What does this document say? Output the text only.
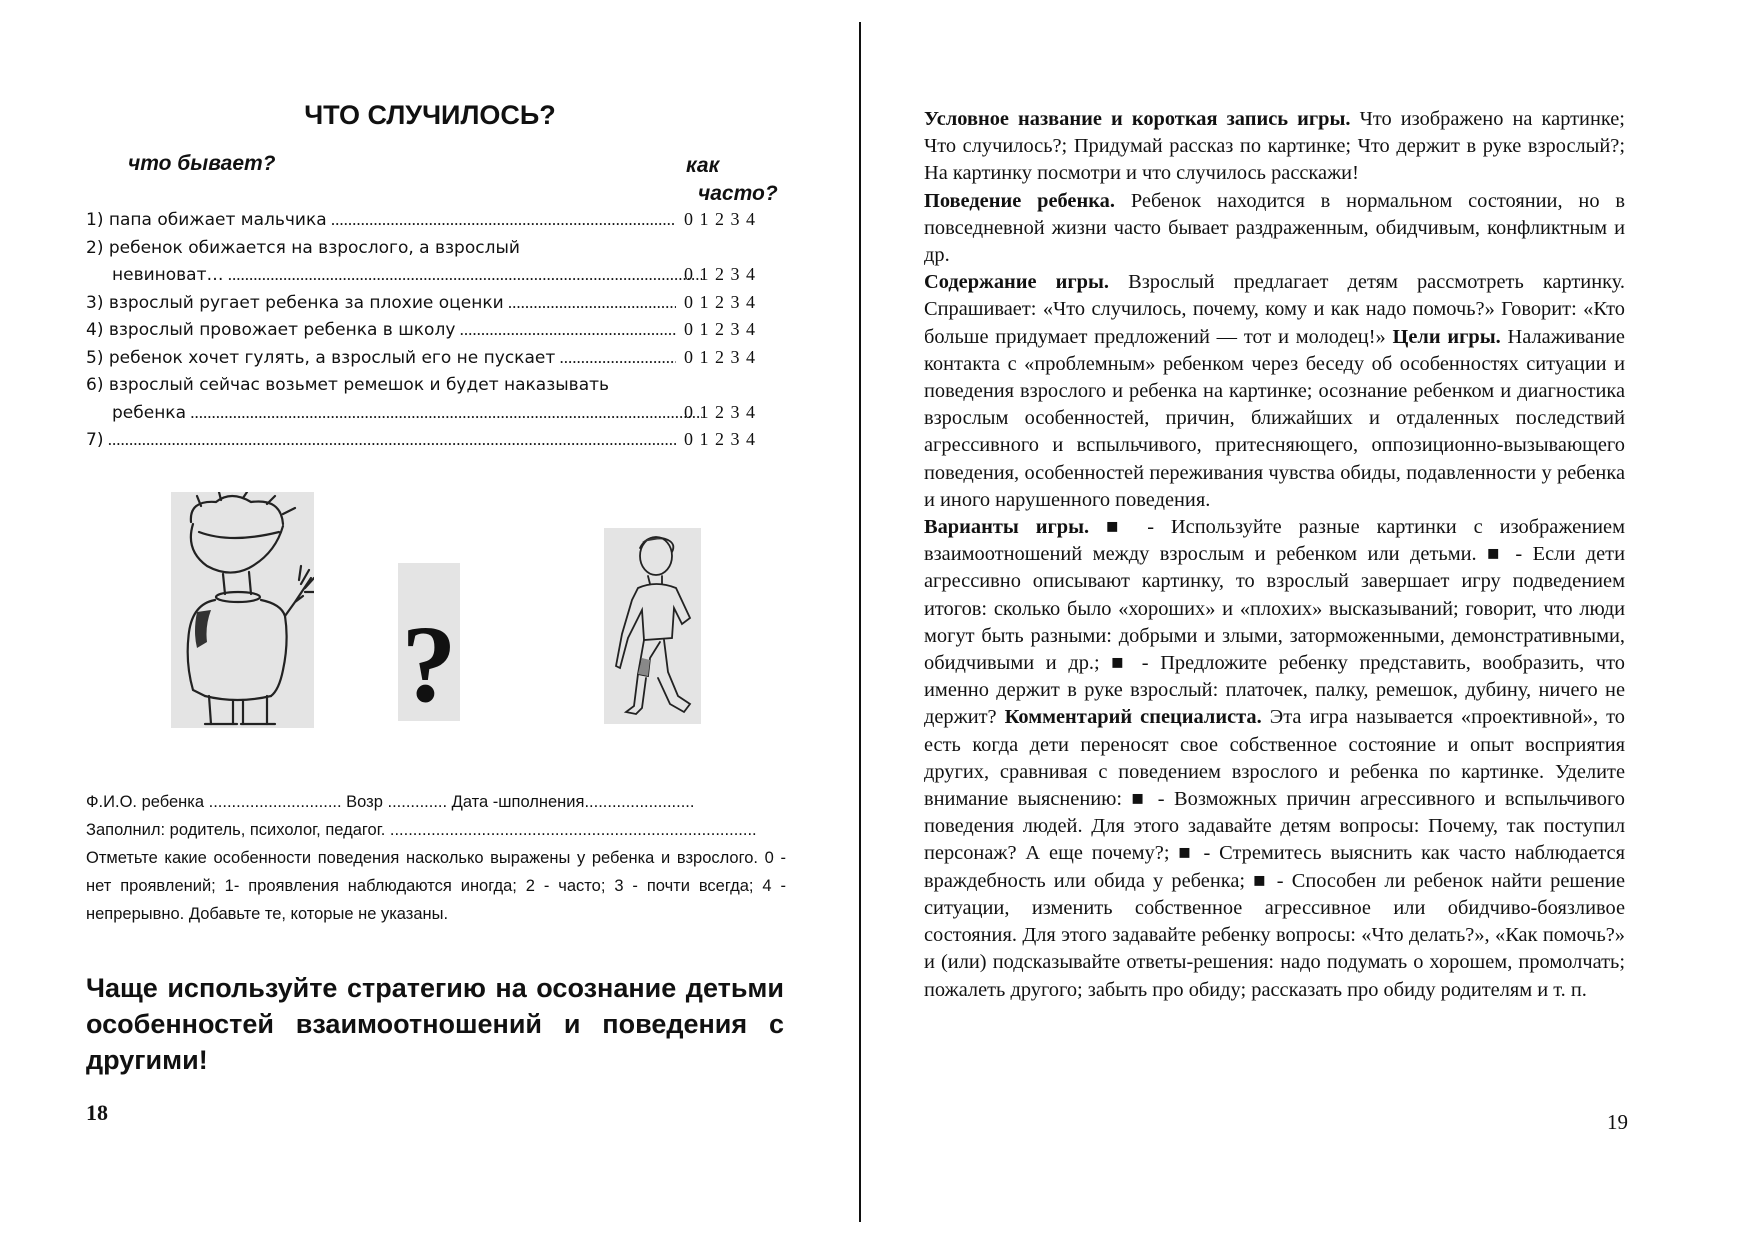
ЧТО СЛУЧИЛОСЬ?
что бывает?	как
часто?
1) папа обижает мальчика .....	0 1 2 3 4
2) ребенок обижается на взрослого, а взрослый
невиноват… .....	0 1 2 3 4
3) взрослый ругает ребенка за плохие оценки .....	0 1 2 3 4
4) взрослый провожает ребенка в школу .....	0 1 2 3 4
5) ребенок хочет гулять, а взрослый его не пускает .....	0 1 2 3 4
6) взрослый сейчас возьмет ремешок и будет наказывать
ребенка .....	0 1 2 3 4
7) .....	0 1 2 3 4
?
Ф.И.О. ребенка ............................. Возр ............. Дата -шполнения........................
Заполнил: родитель, психолог, педагог. ................................................................................
Отметьте какие особенности поведения насколько выражены у ребенка и взрослого. 0 - нет проявлений; 1- проявления наблюдаются иногда; 2 - часто; 3 - почти всегда; 4 - непрерывно. Добавьте те, которые не указаны.
Чаще используйте стратегию на осознание детьми особенностей взаимоотношений и поведения с другими!
18

Условное название и короткая запись игры. Что изображено на картинке; Что случилось?; Придумай рассказ по картинке; Что держит в руке взрослый?; На картинку посмотри и что случилось расскажи!

Поведение ребенка. Ребенок находится в нормальном состоянии, но в повседневной жизни часто бывает раздраженным, обидчивым, конфликтным и др.

Содержание игры. Взрослый предлагает детям рассмотреть картинку. Спрашивает: «Что случилось, почему, кому и как надо помочь?» Говорит: «Кто больше придумает предложений — тот и молодец!» Цели игры. Налаживание контакта с «проблемным» ребенком через беседу об особенностях ситуации и поведения взрослого и ребенка на картинке; осознание ребенком и диагностика взрослым особенностей, причин, ближайших и отдаленных последствий агрессивного и вспыльчивого, притесняющего, оппозиционно-вызывающего поведения, особенностей переживания чувства обиды, подавленности у ребенка и иного нарушенного поведения.

Варианты игры. ■ - Используйте разные картинки с изображением взаимоотношений между взрослым и ребенком или детьми. ■ - Если дети агрессивно описывают картинку, то взрослый завершает игру подведением итогов: сколько было «хороших» и «плохих» высказываний; говорит, что люди могут быть разными: добрыми и злыми, заторможенными, демонстративными, обидчивыми и др.; ■ - Предложите ребенку представить, вообразить, что именно держит в руке взрослый: платочек, палку, ремешок, дубину, ничего не держит? Комментарий специалиста. Эта игра называется «проективной», то есть когда дети переносят свое собственное состояние и опыт восприятия других, сравнивая с поведением взрослого и ребенка по картинке. Уделите внимание выяснению: ■ - Возможных причин агрессивного и вспыльчивого поведения людей. Для этого задавайте детям вопросы: Почему, так поступил персонаж? А еще почему?; ■ - Стремитесь выяснить как часто наблюдается враждебность или обида у ребенка; ■ - Способен ли ребенок найти решение ситуации, изменить собственное агрессивное или обидчиво-боязливое состояния. Для этого задавайте ребенку вопросы: «Что делать?», «Как помочь?» и (или) подсказывайте ответы-решения: надо подумать о хорошем, промолчать; пожалеть другого; забыть про обиду; рассказать про обиду родителям и т. п.

19
